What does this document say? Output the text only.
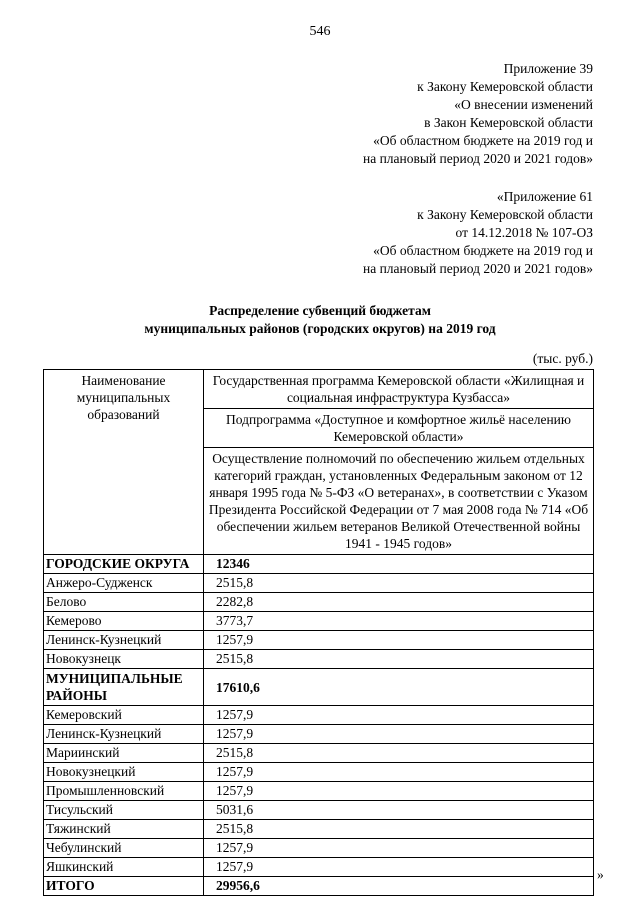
546
Приложение 39
к Закону Кемеровской области
«О внесении изменений
в Закон Кемеровской области
«Об областном бюджете на 2019 год и
на плановый период 2020 и 2021 годов»
«Приложение 61
к Закону Кемеровской области
от 14.12.2018 № 107-ОЗ
«Об областном бюджете на 2019 год и
на плановый период 2020 и 2021 годов»
Распределение субвенций бюджетам
муниципальных районов (городских округов) на 2019 год
(тыс. руб.)
Наименование муниципальных образований	Государственная программа Кемеровской области «Жилищная и социальная инфраструктура Кузбасса»
	Подпрограмма «Доступное и комфортное жильё населению Кемеровской области»
	Осуществление полномочий по обеспечению жильем отдельных категорий граждан, установленных Федеральным законом от 12 января 1995 года № 5-ФЗ «О ветеранах», в соответствии с Указом Президента Российской Федерации от 7 мая 2008 года № 714 «Об обеспечении жильем ветеранов Великой Отечественной войны 1941 - 1945 годов»
ГОРОДСКИЕ ОКРУГА	12346
Анжеро-Судженск	2515,8
Белово	2282,8
Кемерово	3773,7
Ленинск-Кузнецкий	1257,9
Новокузнецк	2515,8
МУНИЦИПАЛЬНЫЕ РАЙОНЫ	17610,6
Кемеровский	1257,9
Ленинск-Кузнецкий	1257,9
Мариинский	2515,8
Новокузнецкий	1257,9
Промышленновский	1257,9
Тисульский	5031,6
Тяжинский	2515,8
Чебулинский	1257,9
Яшкинский	1257,9
ИТОГО	29956,6
»
